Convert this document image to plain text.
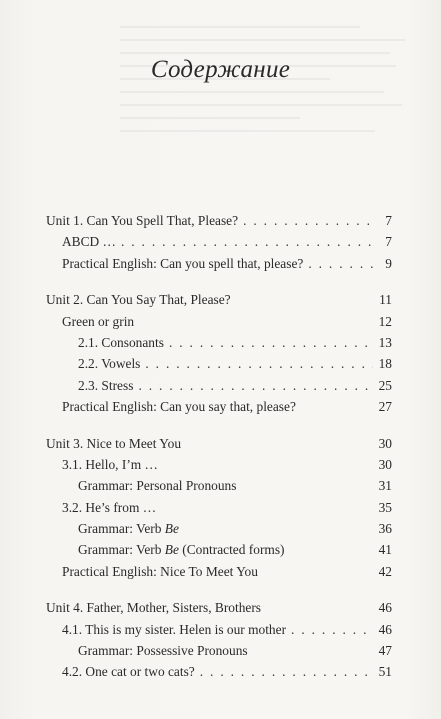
Содержание
Unit 1. Can You Spell That, Please? . . .	7
ABCD … . . .	7
Practical English: Can you spell that, please? . . .	9
Unit 2. Can You Say That, Please?	11
Green or grin	12
2.1. Consonants . . .	13
2.2. Vowels . . .	18
2.3. Stress . . .	25
Practical English: Can you say that, please?	27
Unit 3. Nice to Meet You	30
3.1. Hello, I’m …	30
Grammar: Personal Pronouns	31
3.2. He’s from …	35
Grammar: Verb Be	36
Grammar: Verb Be (Contracted forms)	41
Practical English: Nice To Meet You	42
Unit 4. Father, Mother, Sisters, Brothers	46
4.1. This is my sister. Helen is our mother . . .	46
Grammar: Possessive Pronouns	47
4.2. One cat or two cats? . . .	51
